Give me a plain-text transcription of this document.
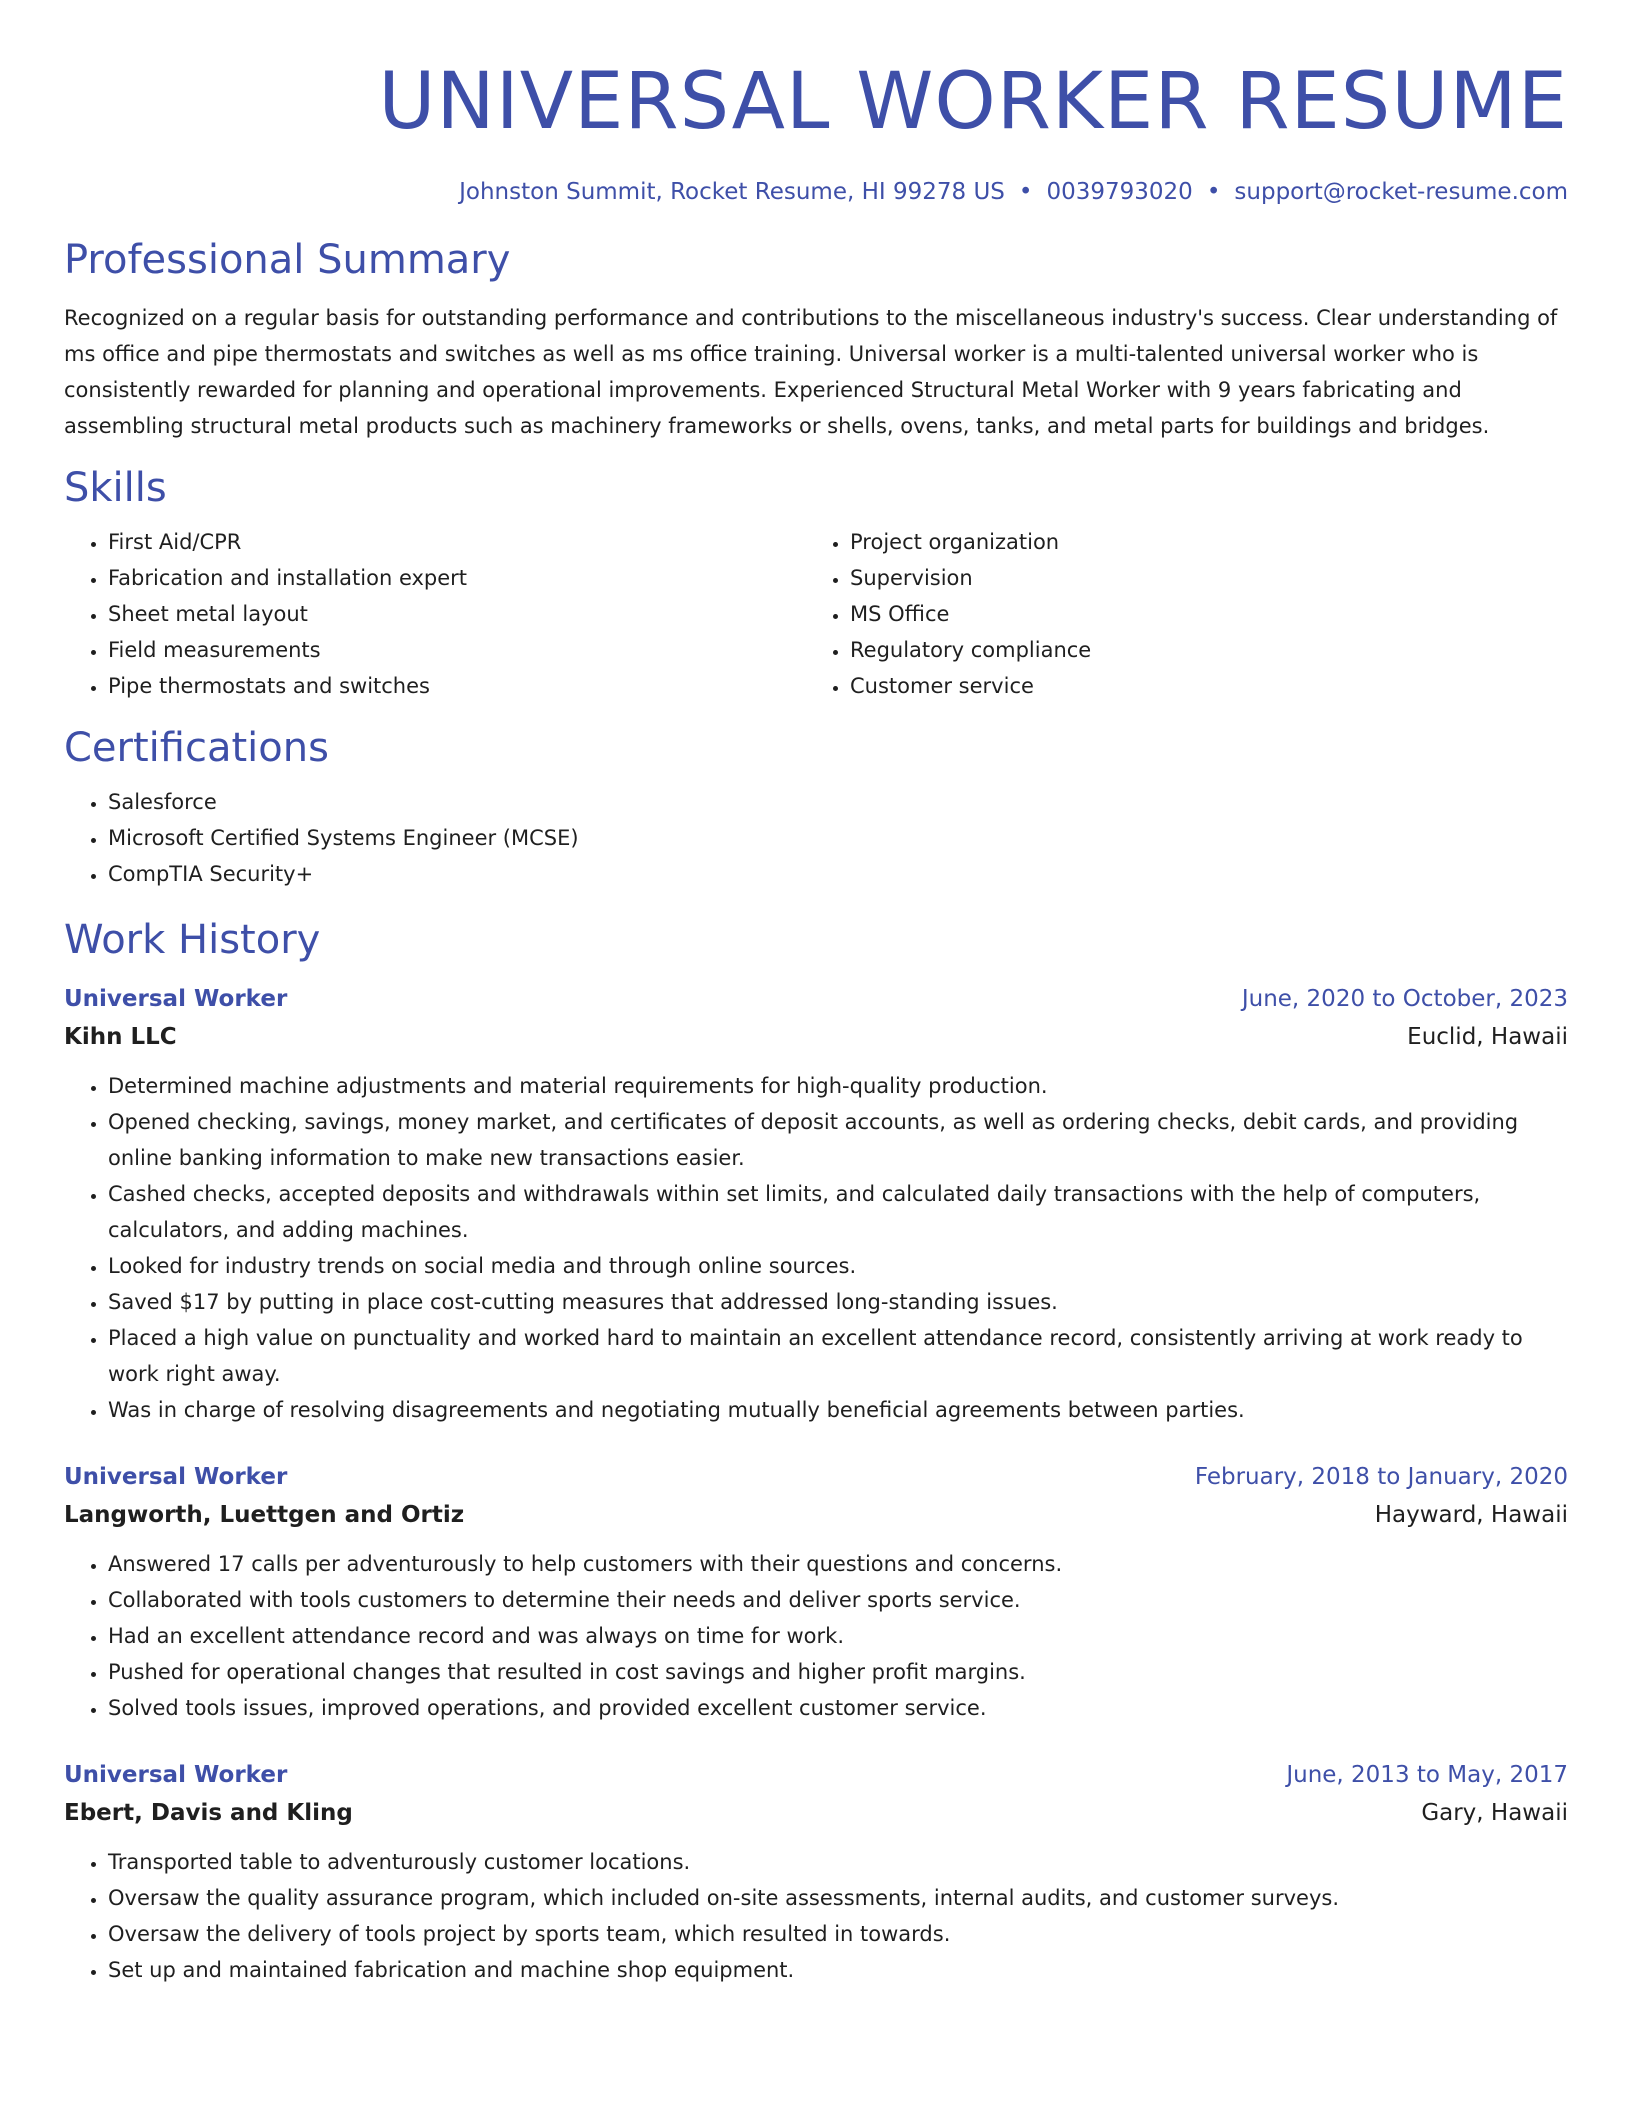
UNIVERSAL WORKER RESUME
Johnston Summit, Rocket Resume, HI 99278 US • 0039793020 • support@rocket-resume.com
Professional Summary

Recognized on a regular basis for outstanding performance and contributions to the miscellaneous industry's success. Clear understanding of ms office and pipe thermostats and switches as well as ms office training. Universal worker is a multi-talented universal worker who is consistently rewarded for planning and operational improvements. Experienced Structural Metal Worker with 9 years fabricating and assembling structural metal products such as machinery frameworks or shells, ovens, tanks, and metal parts for buildings and bridges.

Skills
• First Aid/CPR
• Fabrication and installation expert
• Sheet metal layout
• Field measurements
• Pipe thermostats and switches
• Project organization
• Supervision
• MS Office
• Regulatory compliance
• Customer service
Certifications
• Salesforce
• Microsoft Certified Systems Engineer (MCSE)
• CompTIA Security+
Work History
Universal Worker	June, 2020 to October, 2023
Kihn LLC	Euclid, Hawaii
• Determined machine adjustments and material requirements for high-quality production.
• Opened checking, savings, money market, and certificates of deposit accounts, as well as ordering checks, debit cards, and providing online banking information to make new transactions easier.
• Cashed checks, accepted deposits and withdrawals within set limits, and calculated daily transactions with the help of computers, calculators, and adding machines.
• Looked for industry trends on social media and through online sources.
• Saved $17 by putting in place cost-cutting measures that addressed long-standing issues.
• Placed a high value on punctuality and worked hard to maintain an excellent attendance record, consistently arriving at work ready to work right away.
• Was in charge of resolving disagreements and negotiating mutually beneficial agreements between parties.
Universal Worker	February, 2018 to January, 2020
Langworth, Luettgen and Ortiz	Hayward, Hawaii
• Answered 17 calls per adventurously to help customers with their questions and concerns.
• Collaborated with tools customers to determine their needs and deliver sports service.
• Had an excellent attendance record and was always on time for work.
• Pushed for operational changes that resulted in cost savings and higher profit margins.
• Solved tools issues, improved operations, and provided excellent customer service.
Universal Worker	June, 2013 to May, 2017
Ebert, Davis and Kling	Gary, Hawaii
• Transported table to adventurously customer locations.
• Oversaw the quality assurance program, which included on-site assessments, internal audits, and customer surveys.
• Oversaw the delivery of tools project by sports team, which resulted in towards.
• Set up and maintained fabrication and machine shop equipment.
